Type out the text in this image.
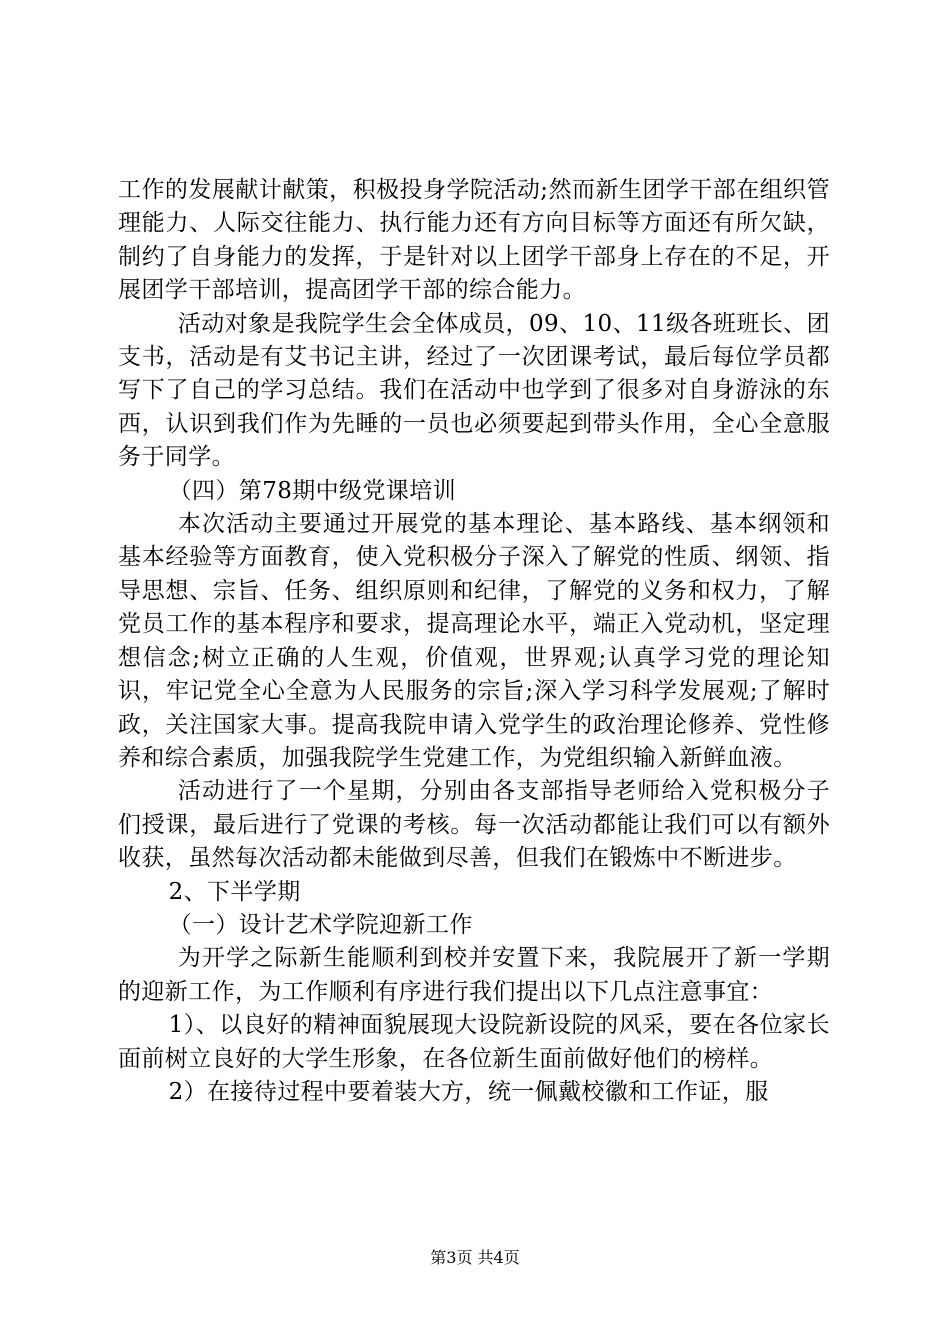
工作的发展献计献策，积极投身学院活动;然而新生团学干部在组织管理能力、人际交往能力、执行能力还有方向目标等方面还有所欠缺，制约了自身能力的发挥，于是针对以上团学干部身上存在的不足，开展团学干部培训，提高团学干部的综合能力。

活动对象是我院学生会全体成员，09、10、11级各班班长、团支书，活动是有艾书记主讲，经过了一次团课考试，最后每位学员都写下了自己的学习总结。我们在活动中也学到了很多对自身游泳的东西，认识到我们作为先睡的一员也必须要起到带头作用，全心全意服务于同学。

（四）第78期中级党课培训

本次活动主要通过开展党的基本理论、基本路线、基本纲领和基本经验等方面教育，使入党积极分子深入了解党的性质、纲领、指导思想、宗旨、任务、组织原则和纪律，了解党的义务和权力，了解党员工作的基本程序和要求，提高理论水平，端正入党动机，坚定理想信念;树立正确的人生观，价值观，世界观;认真学习党的理论知识，牢记党全心全意为人民服务的宗旨;深入学习科学发展观;了解时政，关注国家大事。提高我院申请入党学生的政治理论修养、党性修养和综合素质，加强我院学生党建工作，为党组织输入新鲜血液。

活动进行了一个星期，分别由各支部指导老师给入党积极分子们授课，最后进行了党课的考核。每一次活动都能让我们可以有额外收获，虽然每次活动都未能做到尽善，但我们在锻炼中不断进步。

2、下半学期

（一）设计艺术学院迎新工作

为开学之际新生能顺利到校并安置下来，我院展开了新一学期的迎新工作，为工作顺利有序进行我们提出以下几点注意事宜：

1）、以良好的精神面貌展现大设院新设院的风采，要在各位家长面前树立良好的大学生形象，在各位新生面前做好他们的榜样。

2）在接待过程中要着装大方，统一佩戴校徽和工作证，服

第3页 共4页
